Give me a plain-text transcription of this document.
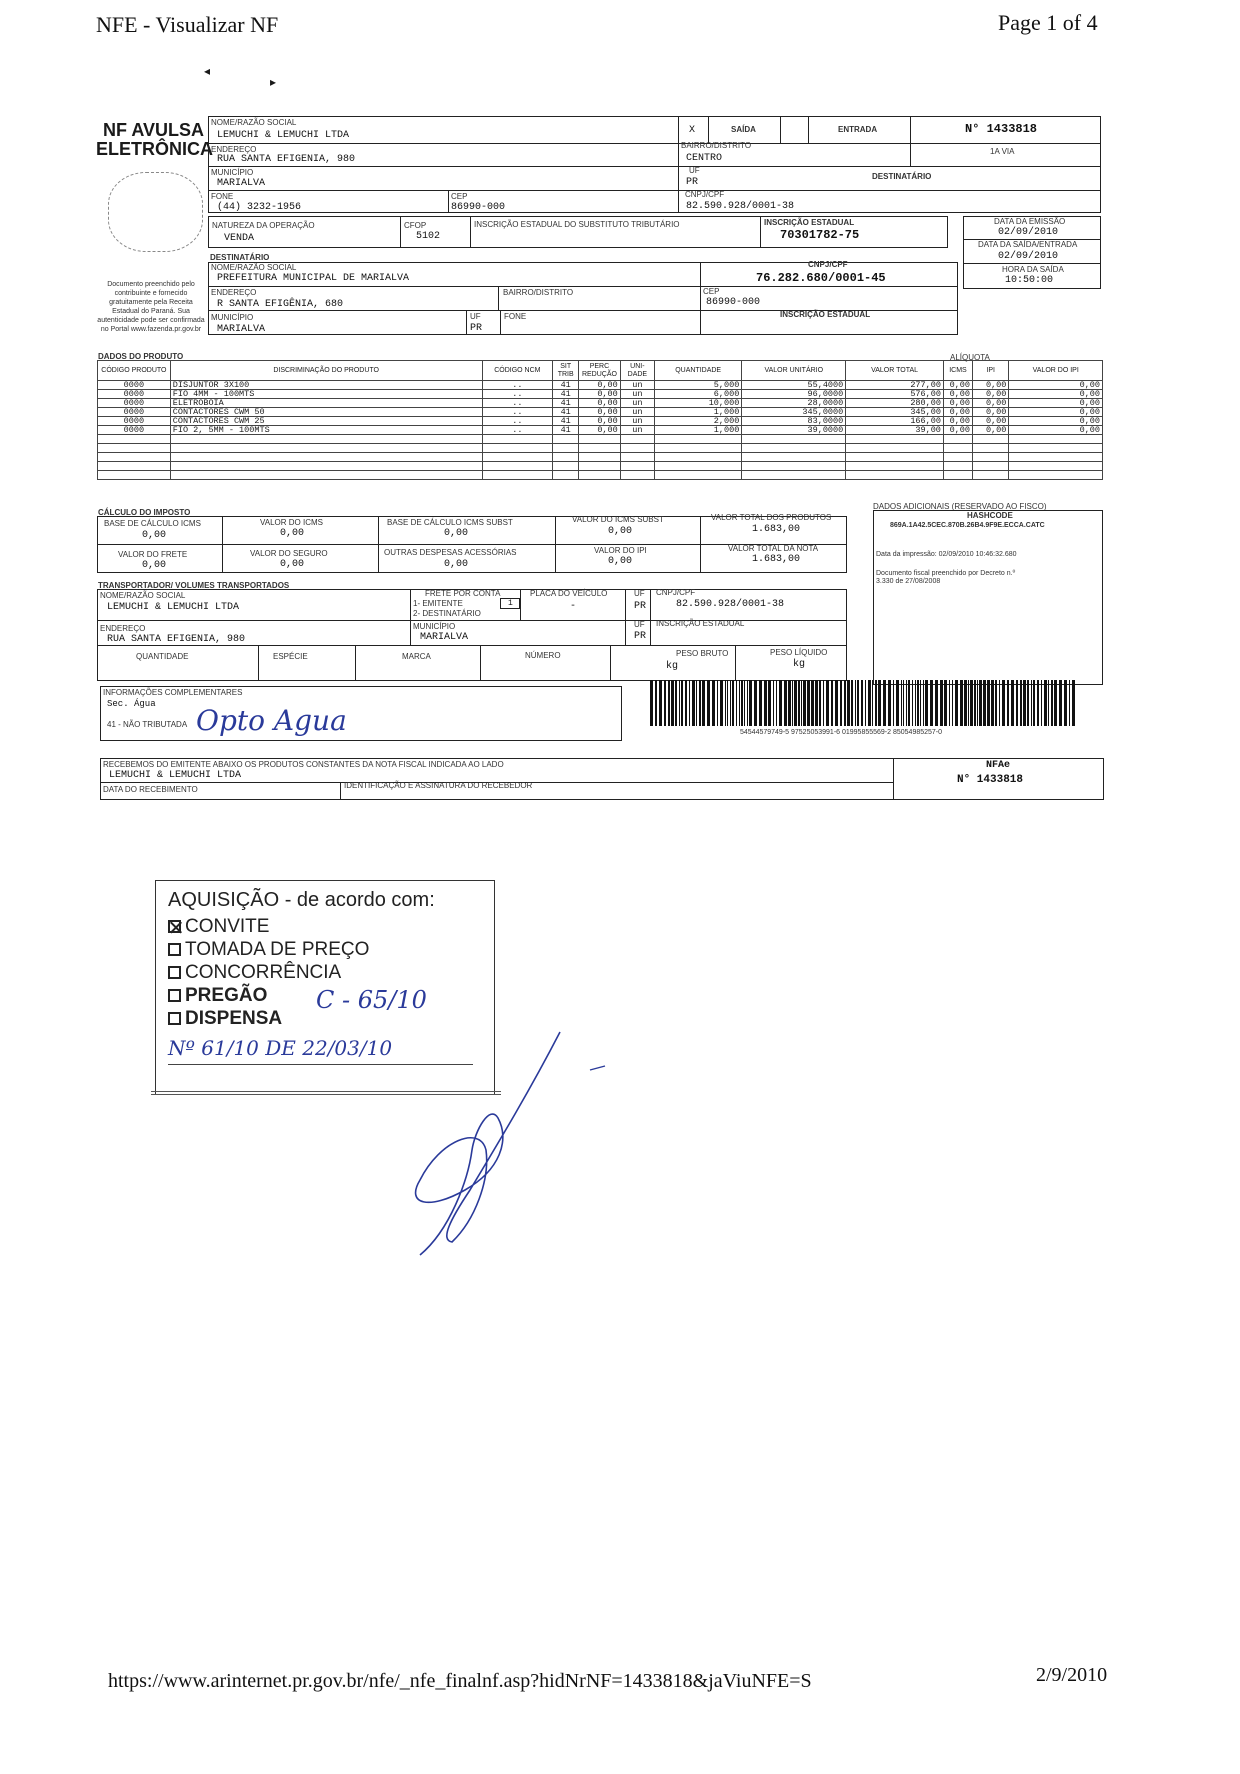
NFE - Visualizar NF	Page 1 of 4
◂
▸
NF AVULSA
ELETRÔNICA
Documento preenchido pelo contribuinte e fornecido gratuitamente pela Receita Estadual do Paraná. Sua autenticidade pode ser confirmada no Portal www.fazenda.pr.gov.br
NOME/RAZÃO SOCIAL
LEMUCHI & LEMUCHI LTDA
ENDEREÇO
RUA SANTA EFIGENIA, 980
MUNICÍPIO
MARIALVA
FONE
(44) 3232-1956
CEP
86990-000
X	SAÍDA	ENTRADA	N° 1433818
1A VIA
BAIRRO/DISTRITO
CENTRO
UF
PR
DESTINATÁRIO
CNPJ/CPF
82.590.928/0001-38
NATUREZA DA OPERAÇÃO
VENDA
CFOP
5102
INSCRIÇÃO ESTADUAL DO SUBSTITUTO TRIBUTÁRIO	INSCRIÇÃO ESTADUAL
70301782-75
DATA DA EMISSÃO
02/09/2010
DATA DA SAÍDA/ENTRADA
02/09/2010
HORA DA SAÍDA
10:50:00
DESTINATÁRIO
NOME/RAZÃO SOCIAL
PREFEITURA MUNICIPAL DE MARIALVA
CNPJ/CPF
76.282.680/0001-45
ENDEREÇO
R SANTA EFIGÊNIA, 680
BAIRRO/DISTRITO	CEP
86990-000
INSCRIÇÃO ESTADUAL
MUNICÍPIO
MARIALVA
UF
PR
FONE
DADOS DO PRODUTO
CÓDIGO PRODUTO	DISCRIMINAÇÃO DO PRODUTO	CÓDIGO NCM	SIT TRIB	PERC REDUÇÃO	UNI-DADE	QUANTIDADE	VALOR UNITÁRIO	VALOR TOTAL	ICMS	IPI	VALOR DO IPI
0000	DISJUNTOR 3X100	..	41	0,00	un	5,000	55,4000	277,00	0,00	0,00	0,00
0000	FIO 4MM - 100MTS	..	41	0,00	un	6,000	96,0000	576,00	0,00	0,00	0,00
0000	ELETROBOIA	..	41	0,00	un	10,000	28,0000	280,00	0,00	0,00	0,00
0000	CONTACTORES CWM 50	..	41	0,00	un	1,000	345,0000	345,00	0,00	0,00	0,00
0000	CONTACTORES CWM 25	..	41	0,00	un	2,000	83,0000	166,00	0,00	0,00	0,00
0000	FIO 2, 5MM - 100MTS	..	41	0,00	un	1,000	39,0000	39,00	0,00	0,00	0,00

CÁLCULO DO IMPOSTO
BASE DE CÁLCULO ICMS
0,00
VALOR DO ICMS
0,00
BASE DE CÁLCULO ICMS SUBST
0,00
VALOR DO ICMS SUBST
0,00
VALOR TOTAL DOS PRODUTOS
1.683,00
VALOR DO FRETE
0,00
VALOR DO SEGURO
0,00
OUTRAS DESPESAS ACESSÓRIAS
0,00
VALOR DO IPI
0,00
VALOR TOTAL DA NOTA
1.683,00
DADOS ADICIONAIS (RESERVADO AO FISCO)
HASHCODE
869A.1A42.5CEC.870B.26B4.9F9E.ECCA.CATC
Data da impressão: 02/09/2010 10:46:32.680
Documento fiscal preenchido por Decreto n.º 3.330 de 27/08/2008
TRANSPORTADOR/ VOLUMES TRANSPORTADOS
NOME/RAZÃO SOCIAL
LEMUCHI & LEMUCHI LTDA
FRETE POR CONTA
1- EMITENTE
2- DESTINATÁRIO
1
PLACA DO VEÍCULO
-
UF
PR
CNPJ/CPF
82.590.928/0001-38
ENDEREÇO
RUA SANTA EFIGENIA, 980
MUNICÍPIO
MARIALVA
UF
PR
INSCRIÇÃO ESTADUAL
QUANTIDADE	ESPÉCIE	MARCA	NÚMERO	PESO BRUTO
kg
PESO LÍQUIDO
kg
INFORMAÇÕES COMPLEMENTARES
Sec. Água
41 - NÃO TRIBUTADA Opto Agua	54544579749-5 97525053991-6 01995855569-2 85054985257-0
RECEBEMOS DO EMITENTE ABAIXO OS PRODUTOS CONSTANTES DA NOTA FISCAL INDICADA AO LADO
LEMUCHI & LEMUCHI LTDA
DATA DO RECEBIMENTO	IDENTIFICAÇÃO E ASSINATURA DO RECEBEDOR
NFAe
N° 1433818
AQUISIÇÃO - de acordo com:
CONVITE
TOMADA DE PREÇO
CONCORRÊNCIA
PREGÃO
DISPENSA
C - 65/10
Nº 61/10 DE 22/03/10
https://www.arinternet.pr.gov.br/nfe/_nfe_finalnf.asp?hidNrNF=1433818&jaViuNFE=S	2/9/2010
ALÍQUOTA
